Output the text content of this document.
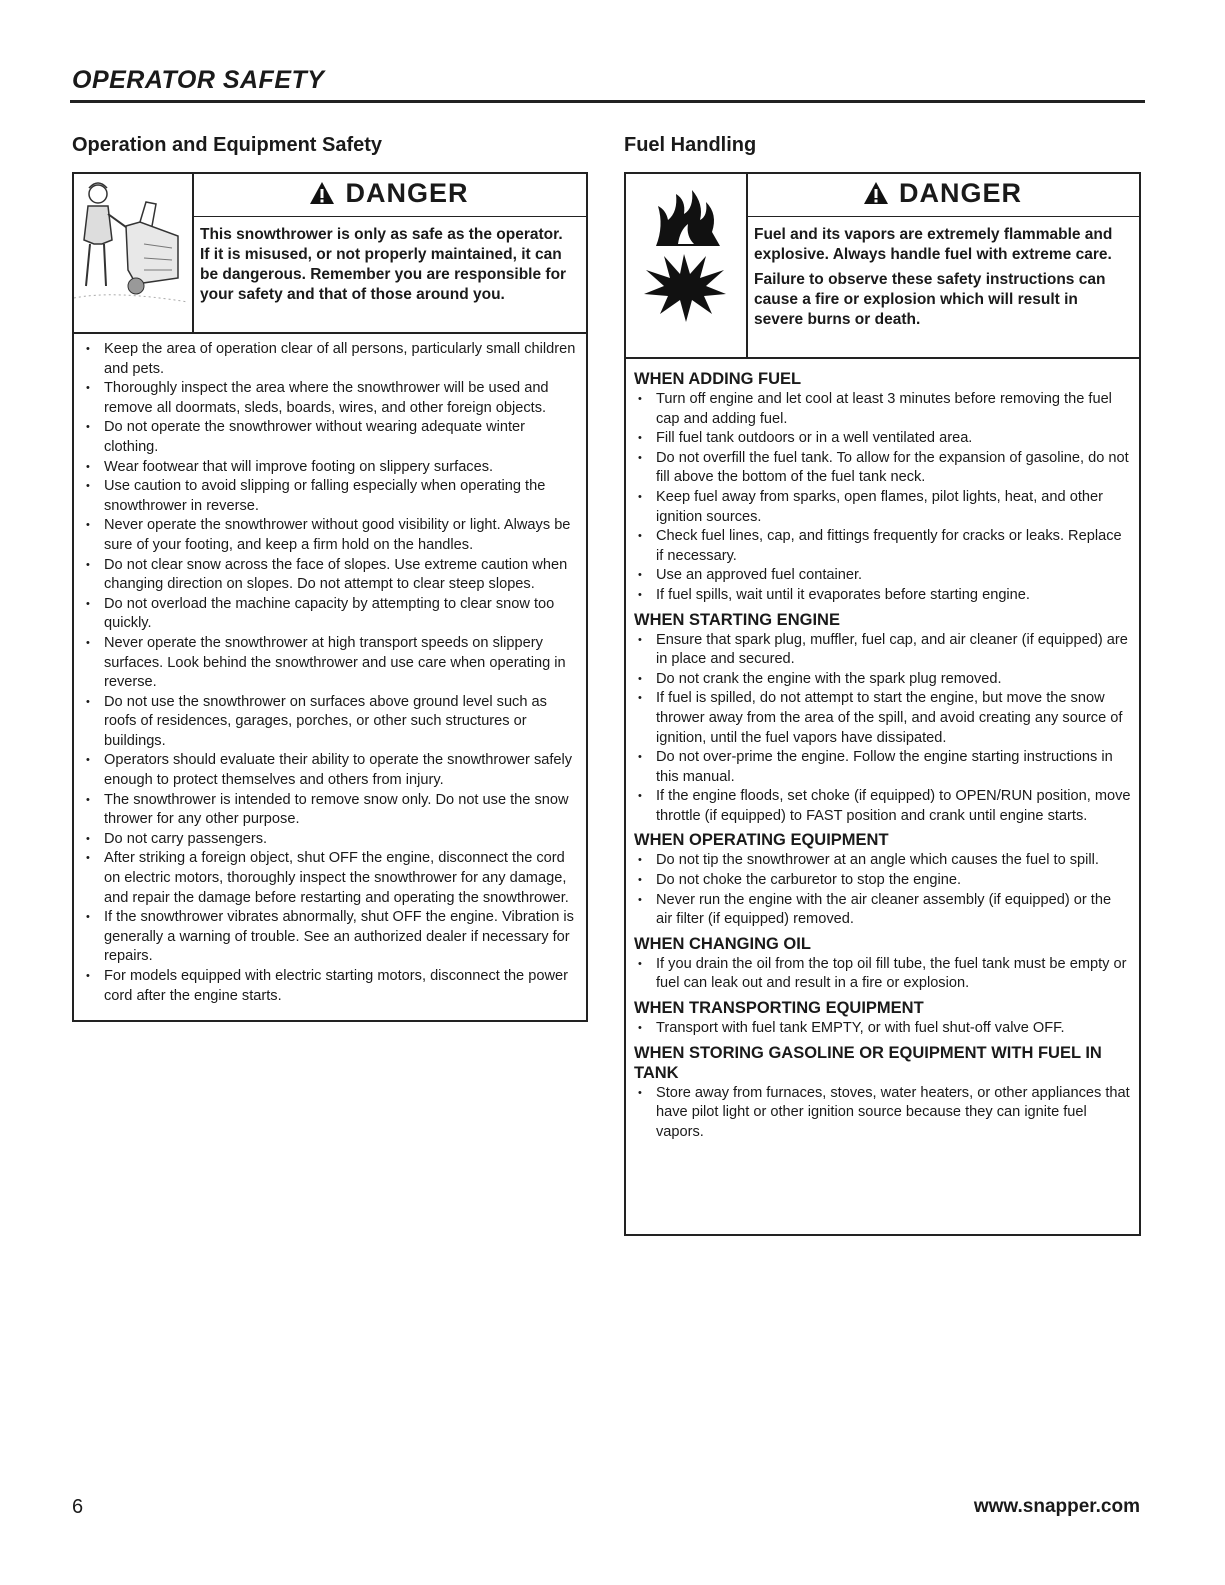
OPERATOR SAFETY
Operation and Equipment Safety
DANGER

This snowthrower is only as safe as the operator. If it is misused, or not properly maintained, it can be dangerous. Remember you are responsible for your safety and that of those around you.

• Keep the area of operation clear of all persons, particularly small children and pets.
• Thoroughly inspect the area where the snowthrower will be used and remove all doormats, sleds, boards, wires, and other foreign objects.
• Do not operate the snowthrower without wearing adequate winter clothing.
• Wear footwear that will improve footing on slippery surfaces.
• Use caution to avoid slipping or falling especially when operating the snowthrower in reverse.
• Never operate the snowthrower without good visibility or light. Always be sure of your footing, and keep a firm hold on the handles.
• Do not clear snow across the face of slopes. Use extreme caution when changing direction on slopes. Do not attempt to clear steep slopes.
• Do not overload the machine capacity by attempting to clear snow too quickly.
• Never operate the snowthrower at high transport speeds on slippery surfaces. Look behind the snowthrower and use care when operating in reverse.
• Do not use the snowthrower on surfaces above ground level such as roofs of residences, garages, porches, or other such structures or buildings.
• Operators should evaluate their ability to operate the snowthrower safely enough to protect themselves and others from injury.
• The snowthrower is intended to remove snow only. Do not use the snow thrower for any other purpose.
• Do not carry passengers.
• After striking a foreign object, shut OFF the engine, disconnect the cord on electric motors, thoroughly inspect the snowthrower for any damage, and repair the damage before restarting and operating the snowthrower.
• If the snowthrower vibrates abnormally, shut OFF the engine. Vibration is generally a warning of trouble. See an authorized dealer if necessary for repairs.
• For models equipped with electric starting motors, disconnect the power cord after the engine starts.
Fuel Handling
DANGER

Fuel and its vapors are extremely flammable and explosive. Always handle fuel with extreme care.

Failure to observe these safety instructions can cause a fire or explosion which will result in severe burns or death.

WHEN ADDING FUEL
• Turn off engine and let cool at least 3 minutes before removing the fuel cap and adding fuel.
• Fill fuel tank outdoors or in a well ventilated area.
• Do not overfill the fuel tank. To allow for the expansion of gasoline, do not fill above the bottom of the fuel tank neck.
• Keep fuel away from sparks, open flames, pilot lights, heat, and other ignition sources.
• Check fuel lines, cap, and fittings frequently for cracks or leaks. Replace if necessary.
• Use an approved fuel container.
• If fuel spills, wait until it evaporates before starting engine.
WHEN STARTING ENGINE
• Ensure that spark plug, muffler, fuel cap, and air cleaner (if equipped) are in place and secured.
• Do not crank the engine with the spark plug removed.
• If fuel is spilled, do not attempt to start the engine, but move the snow thrower away from the area of the spill, and avoid creating any source of ignition, until the fuel vapors have dissipated.
• Do not over-prime the engine. Follow the engine starting instructions in this manual.
• If the engine floods, set choke (if equipped) to OPEN/RUN position, move throttle (if equipped) to FAST position and crank until engine starts.
WHEN OPERATING EQUIPMENT
• Do not tip the snowthrower at an angle which causes the fuel to spill.
• Do not choke the carburetor to stop the engine.
• Never run the engine with the air cleaner assembly (if equipped) or the air filter (if equipped) removed.
WHEN CHANGING OIL
• If you drain the oil from the top oil fill tube, the fuel tank must be empty or fuel can leak out and result in a fire or explosion.
WHEN TRANSPORTING EQUIPMENT
• Transport with fuel tank EMPTY, or with fuel shut-off valve OFF.
WHEN STORING GASOLINE OR EQUIPMENT WITH FUEL IN TANK
• Store away from furnaces, stoves, water heaters, or other appliances that have pilot light or other ignition source because they can ignite fuel vapors.
6	www.snapper.com
